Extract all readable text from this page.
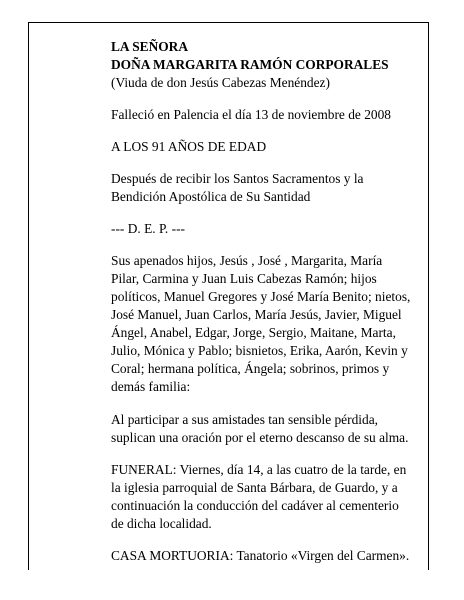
LA SEÑORA
DOÑA MARGARITA RAMÓN CORPORALES
(Viuda de don Jesús Cabezas Menéndez)
Falleció en Palencia el día 13 de noviembre de 2008
A LOS 91 AÑOS DE EDAD
Después de recibir los Santos Sacramentos y la
Bendición Apostólica de Su Santidad
--- D. E. P. ---
Sus apenados hijos, Jesús , José , Margarita, María
Pilar, Carmina y Juan Luis Cabezas Ramón; hijos
políticos, Manuel Gregores y José María Benito; nietos,
José Manuel, Juan Carlos, María Jesús, Javier, Miguel
Ángel, Anabel, Edgar, Jorge, Sergio, Maitane, Marta,
Julio, Mónica y Pablo; bisnietos, Erika, Aarón, Kevin y
Coral; hermana política, Ángela; sobrinos, primos y
demás familia:
Al participar a sus amistades tan sensible pérdida,
suplican una oración por el eterno descanso de su alma.
FUNERAL: Viernes, día 14, a las cuatro de la tarde, en
la iglesia parroquial de Santa Bárbara, de Guardo, y a
continuación la conducción del cadáver al cementerio
de dicha localidad.
CASA MORTUORIA: Tanatorio «Virgen del Carmen».
